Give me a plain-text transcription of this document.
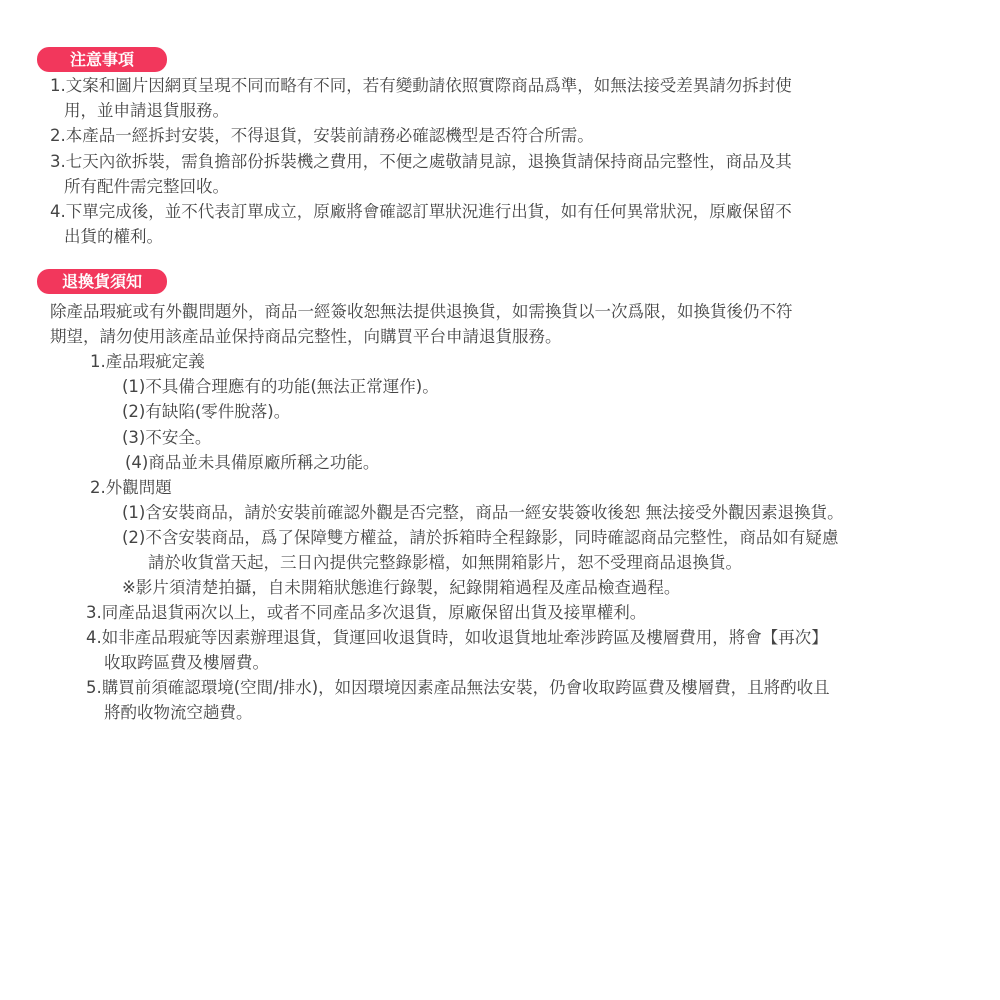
注意事項
1.文案和圖片因網頁呈現不同而略有不同，若有變動請依照實際商品爲準，如無法接受差異請勿拆封使
用，並申請退貨服務。
2.本產品一經拆封安裝，不得退貨，安裝前請務必確認機型是否符合所需。
3.七天內欲拆裝，需負擔部份拆裝機之費用，不便之處敬請見諒，退換貨請保持商品完整性，商品及其
所有配件需完整回收。
4.下單完成後，並不代表訂單成立，原廠將會確認訂單狀況進行出貨，如有任何異常狀況，原廠保留不
出貨的權利。
退換貨須知
除產品瑕疵或有外觀問題外，商品一經簽收恕無法提供退換貨，如需換貨以一次爲限，如換貨後仍不符
期望，請勿使用該產品並保持商品完整性，向購買平台申請退貨服務。
1.產品瑕疵定義
(1)不具備合理應有的功能(無法正常運作)。
(2)有缺陷(零件脫落)。
(3)不安全。
(4)商品並未具備原廠所稱之功能。
2.外觀問題
(1)含安裝商品，請於安裝前確認外觀是否完整，商品一經安裝簽收後恕 無法接受外觀因素退換貨。
(2)不含安裝商品，爲了保障雙方權益，請於拆箱時全程錄影，同時確認商品完整性，商品如有疑慮
請於收貨當天起，三日內提供完整錄影檔，如無開箱影片，恕不受理商品退換貨。
※影片須清楚拍攝，自未開箱狀態進行錄製，紀錄開箱過程及產品檢查過程。
3.同產品退貨兩次以上，或者不同產品多次退貨，原廠保留出貨及接單權利。
4.如非產品瑕疵等因素辦理退貨，貨運回收退貨時，如收退貨地址牽涉跨區及樓層費用，將會【再次】
收取跨區費及樓層費。
5.購買前須確認環境(空間/排水)，如因環境因素產品無法安裝，仍會收取跨區費及樓層費，且將酌收且
將酌收物流空趟費。
